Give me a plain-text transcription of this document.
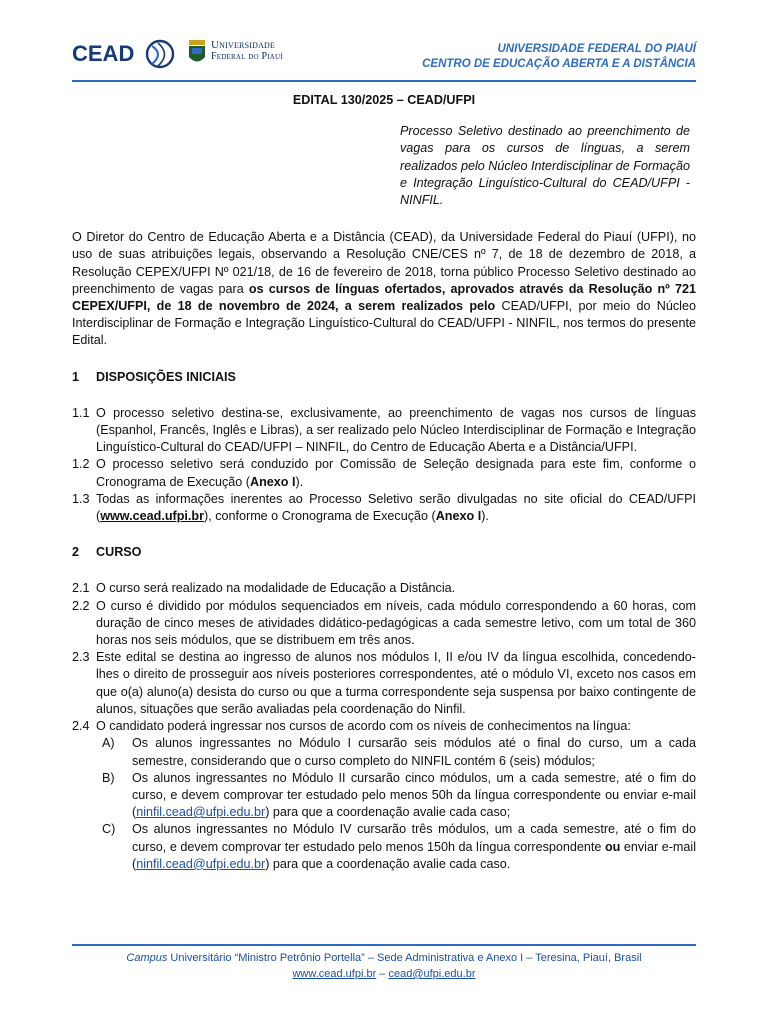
CEAD	Universidade
Federal do Piauí
UNIVERSIDADE FEDERAL DO PIAUÍ
CENTRO DE EDUCAÇÃO ABERTA E A DISTÂNCIA
EDITAL 130/2025 – CEAD/UFPI
Processo Seletivo destinado ao preenchimento de vagas para os cursos de línguas, a serem realizados pelo Núcleo Interdisciplinar de Formação e Integração Linguístico-Cultural do CEAD/UFPI - NINFIL.
O Diretor do Centro de Educação Aberta e a Distância (CEAD), da Universidade Federal do Piauí (UFPI), no uso de suas atribuições legais, observando a Resolução CNE/CES nº 7, de 18 de dezembro de 2018, a Resolução CEPEX/UFPI Nº 021/18, de 16 de fevereiro de 2018, torna público Processo Seletivo destinado ao preenchimento de vagas para os cursos de línguas ofertados, aprovados através da Resolução nº 721 CEPEX/UFPI, de 18 de novembro de 2024, a serem realizados pelo CEAD/UFPI, por meio do Núcleo Interdisciplinar de Formação e Integração Linguístico-Cultural do CEAD/UFPI - NINFIL, nos termos do presente Edital.
1	DISPOSIÇÕES INICIAIS
1.1 O processo seletivo destina-se, exclusivamente, ao preenchimento de vagas nos cursos de línguas (Espanhol, Francês, Inglês e Libras), a ser realizado pelo Núcleo Interdisciplinar de Formação e Integração Linguístico-Cultural do CEAD/UFPI – NINFIL, do Centro de Educação Aberta e a Distância/UFPI.
1.2 O processo seletivo será conduzido por Comissão de Seleção designada para este fim, conforme o Cronograma de Execução (Anexo I).
1.3 Todas as informações inerentes ao Processo Seletivo serão divulgadas no site oficial do CEAD/UFPI (www.cead.ufpi.br), conforme o Cronograma de Execução (Anexo I).
2	CURSO
2.1 O curso será realizado na modalidade de Educação a Distância.
2.2 O curso é dividido por módulos sequenciados em níveis, cada módulo correspondendo a 60 horas, com duração de cinco meses de atividades didático-pedagógicas a cada semestre letivo, com um total de 360 horas nos seis módulos, que se distribuem em três anos.
2.3 Este edital se destina ao ingresso de alunos nos módulos I, II e/ou IV da língua escolhida, concedendo-lhes o direito de prosseguir aos níveis posteriores correspondentes, até o módulo VI, exceto nos casos em que o(a) aluno(a) desista do curso ou que a turma correspondente seja suspensa por baixo contingente de alunos, situações que serão avaliadas pela coordenação do Ninfil.
2.4 O candidato poderá ingressar nos cursos de acordo com os níveis de conhecimentos na língua:
A)	Os alunos ingressantes no Módulo I cursarão seis módulos até o final do curso, um a cada semestre, considerando que o curso completo do NINFIL contém 6 (seis) módulos;
B)	Os alunos ingressantes no Módulo II cursarão cinco módulos, um a cada semestre, até o fim do curso, e devem comprovar ter estudado pelo menos 50h da língua correspondente ou enviar e-mail (ninfil.cead@ufpi.edu.br) para que a coordenação avalie cada caso;
C)	Os alunos ingressantes no Módulo IV cursarão três módulos, um a cada semestre, até o fim do curso, e devem comprovar ter estudado pelo menos 150h da língua correspondente ou enviar e-mail (ninfil.cead@ufpi.edu.br) para que a coordenação avalie cada caso.
Campus Universitário “Ministro Petrônio Portella” – Sede Administrativa e Anexo I – Teresina, Piauí, Brasil
www.cead.ufpi.br – cead@ufpi.edu.br
